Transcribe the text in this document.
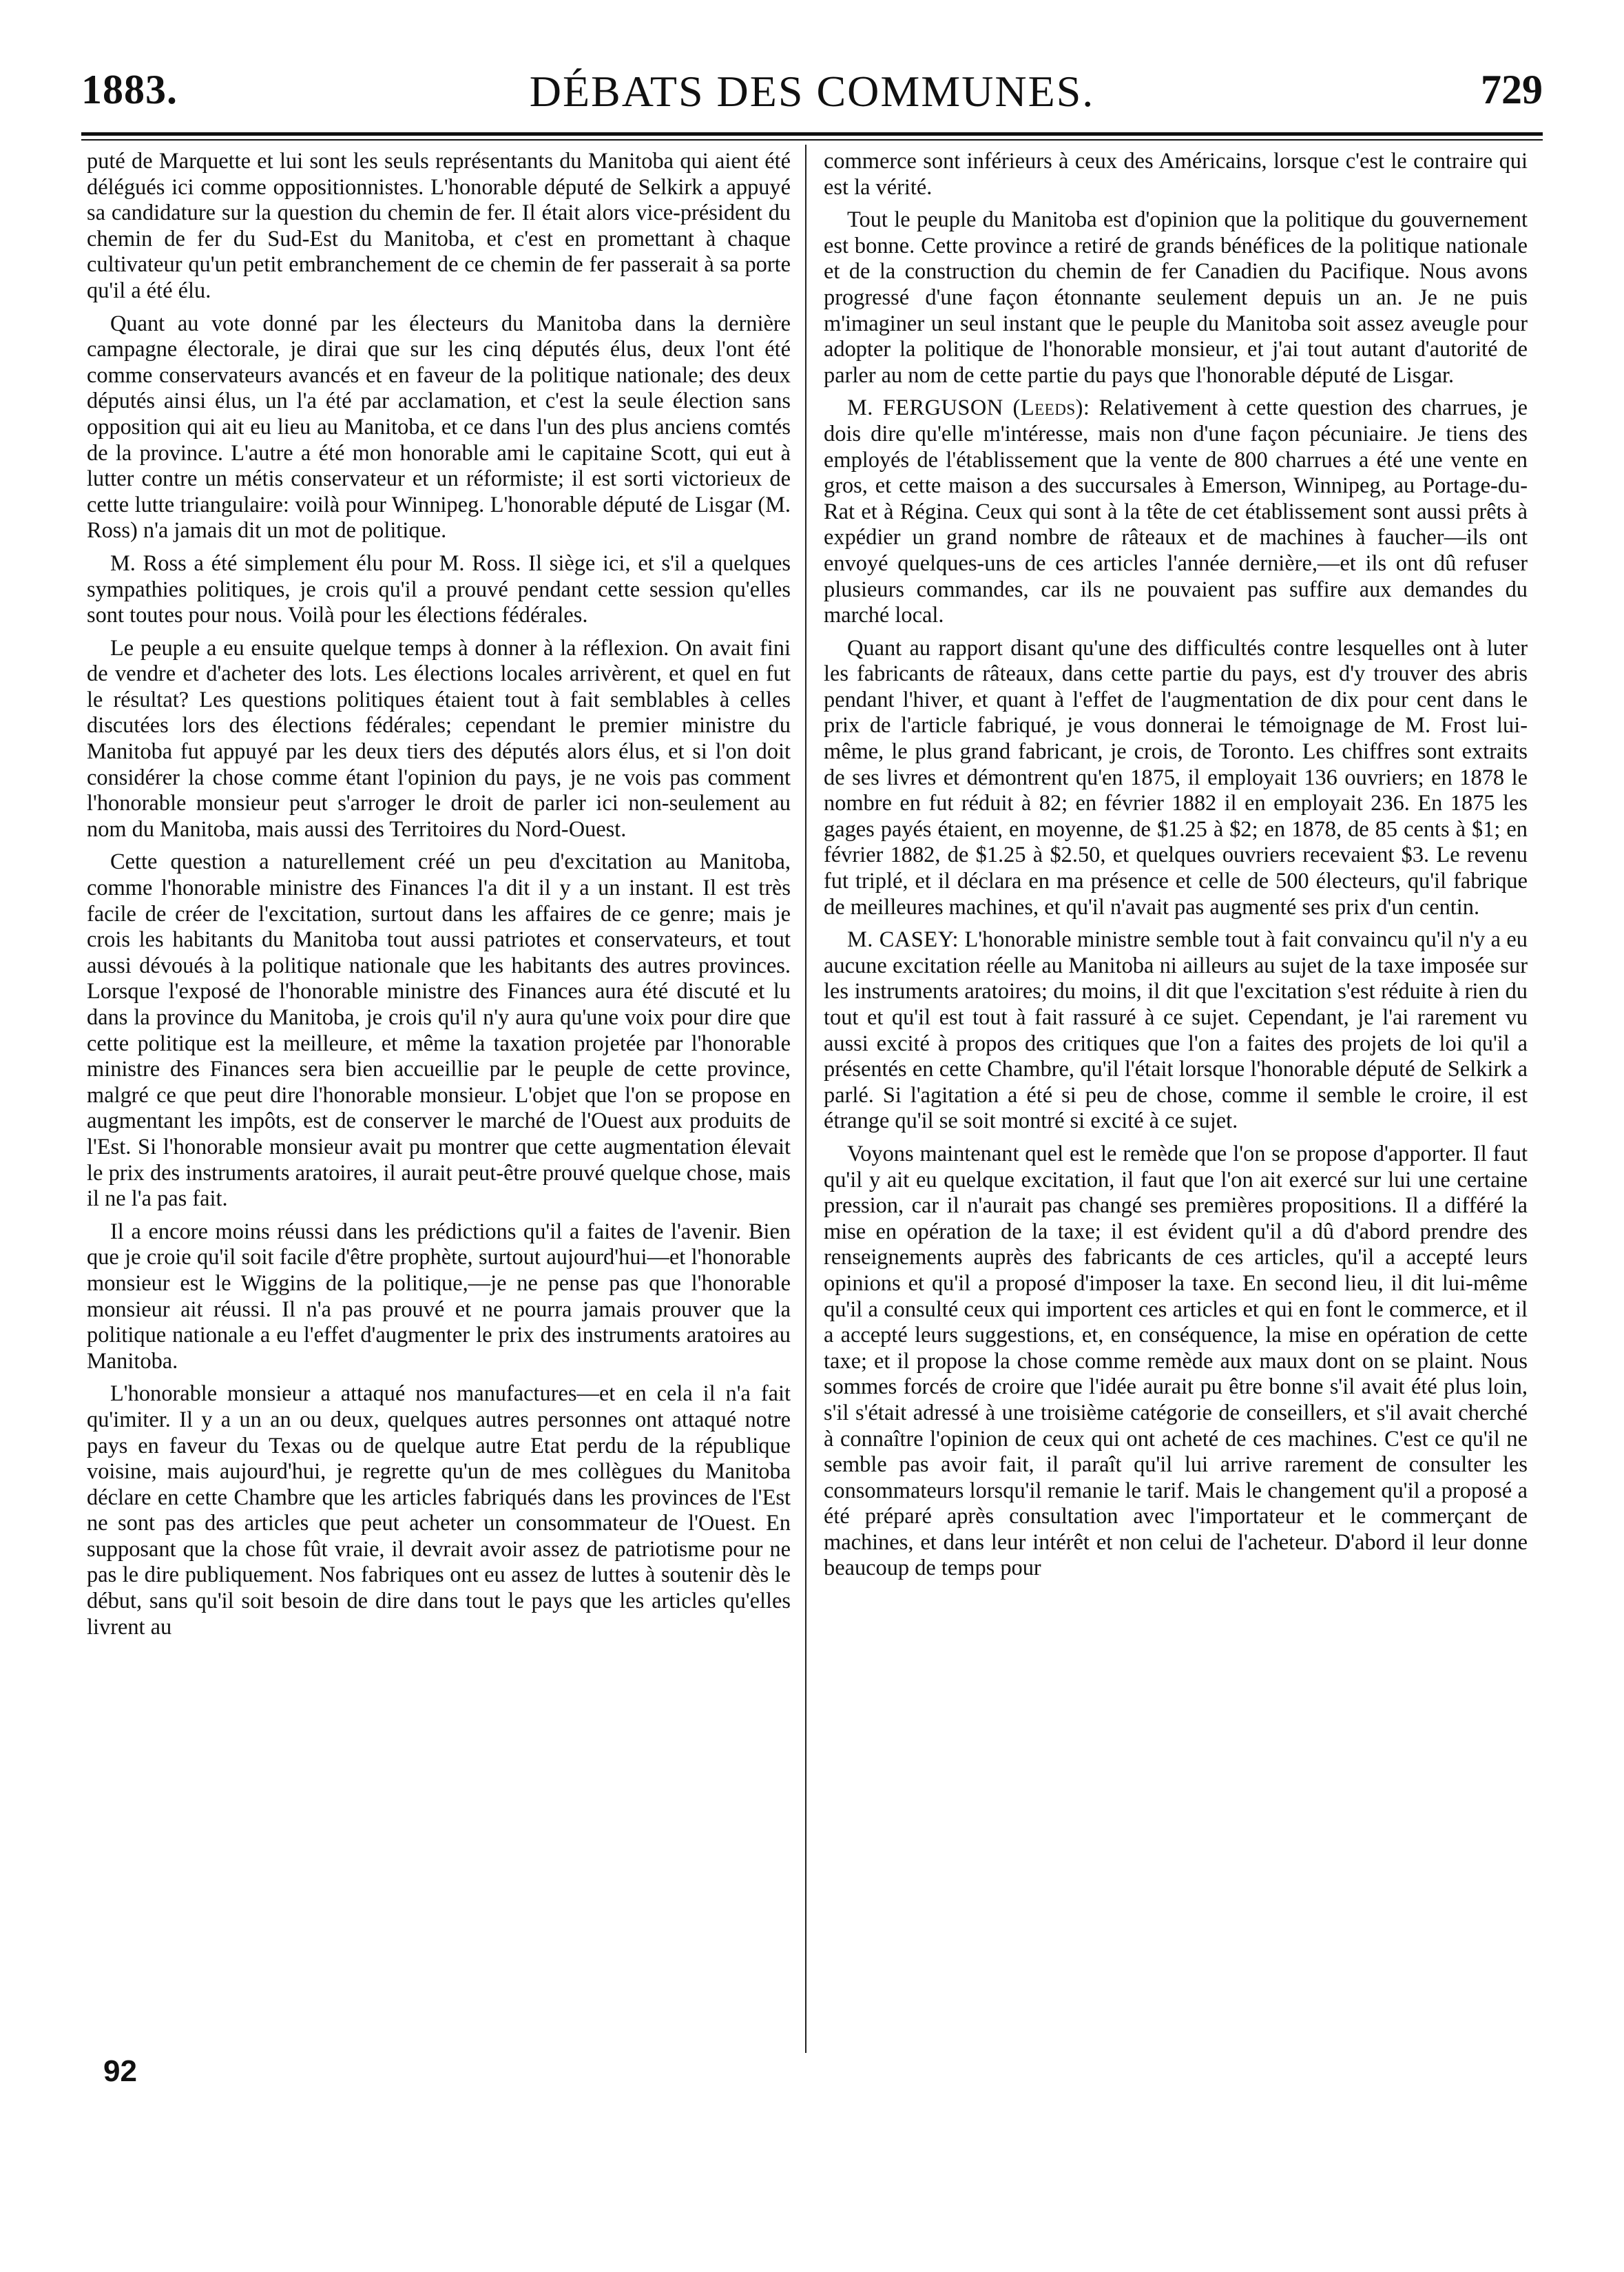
1883.	DÉBATS DES COMMUNES.	729

puté de Marquette et lui sont les seuls représentants du Manitoba qui aient été délégués ici comme oppositionnistes. L'honorable député de Selkirk a appuyé sa candidature sur la question du chemin de fer. Il était alors vice-président du chemin de fer du Sud-Est du Manitoba, et c'est en promettant à chaque cultivateur qu'un petit embranchement de ce chemin de fer passerait à sa porte qu'il a été élu.

Quant au vote donné par les électeurs du Manitoba dans la dernière campagne électorale, je dirai que sur les cinq députés élus, deux l'ont été comme conservateurs avancés et en faveur de la politique nationale; des deux députés ainsi élus, un l'a été par acclamation, et c'est la seule élection sans opposition qui ait eu lieu au Manitoba, et ce dans l'un des plus anciens comtés de la province. L'autre a été mon honorable ami le capitaine Scott, qui eut à lutter contre un métis conservateur et un réformiste; il est sorti victorieux de cette lutte triangulaire: voilà pour Winnipeg. L'honorable député de Lisgar (M. Ross) n'a jamais dit un mot de politique.

M. Ross a été simplement élu pour M. Ross. Il siège ici, et s'il a quelques sympathies politiques, je crois qu'il a prouvé pendant cette session qu'elles sont toutes pour nous. Voilà pour les élections fédérales.

Le peuple a eu ensuite quelque temps à donner à la réflexion. On avait fini de vendre et d'acheter des lots. Les élections locales arrivèrent, et quel en fut le résultat? Les questions politiques étaient tout à fait semblables à celles discutées lors des élections fédérales; cependant le premier ministre du Manitoba fut appuyé par les deux tiers des députés alors élus, et si l'on doit considérer la chose comme étant l'opinion du pays, je ne vois pas comment l'honorable monsieur peut s'arroger le droit de parler ici non-seulement au nom du Manitoba, mais aussi des Territoires du Nord-Ouest.

Cette question a naturellement créé un peu d'excitation au Manitoba, comme l'honorable ministre des Finances l'a dit il y a un instant. Il est très facile de créer de l'excitation, surtout dans les affaires de ce genre; mais je crois les habitants du Manitoba tout aussi patriotes et conservateurs, et tout aussi dévoués à la politique nationale que les habitants des autres provinces. Lorsque l'exposé de l'honorable ministre des Finances aura été discuté et lu dans la province du Manitoba, je crois qu'il n'y aura qu'une voix pour dire que cette politique est la meilleure, et même la taxation projetée par l'honorable ministre des Finances sera bien accueillie par le peuple de cette province, malgré ce que peut dire l'honorable monsieur. L'objet que l'on se propose en augmentant les impôts, est de conserver le marché de l'Ouest aux produits de l'Est. Si l'honorable monsieur avait pu montrer que cette augmentation élevait le prix des instruments aratoires, il aurait peut-être prouvé quelque chose, mais il ne l'a pas fait.

Il a encore moins réussi dans les prédictions qu'il a faites de l'avenir. Bien que je croie qu'il soit facile d'être prophète, surtout aujourd'hui—et l'honorable monsieur est le Wiggins de la politique,—je ne pense pas que l'honorable monsieur ait réussi. Il n'a pas prouvé et ne pourra jamais prouver que la politique nationale a eu l'effet d'augmenter le prix des instruments aratoires au Manitoba.

L'honorable monsieur a attaqué nos manufactures—et en cela il n'a fait qu'imiter. Il y a un an ou deux, quelques autres personnes ont attaqué notre pays en faveur du Texas ou de quelque autre Etat perdu de la république voisine, mais aujourd'hui, je regrette qu'un de mes collègues du Manitoba déclare en cette Chambre que les articles fabriqués dans les provinces de l'Est ne sont pas des articles que peut acheter un consommateur de l'Ouest. En supposant que la chose fût vraie, il devrait avoir assez de patriotisme pour ne pas le dire publiquement. Nos fabriques ont eu assez de luttes à soutenir dès le début, sans qu'il soit besoin de dire dans tout le pays que les articles qu'elles livrent au

commerce sont inférieurs à ceux des Américains, lorsque c'est le contraire qui est la vérité.

Tout le peuple du Manitoba est d'opinion que la politique du gouvernement est bonne. Cette province a retiré de grands bénéfices de la politique nationale et de la construction du chemin de fer Canadien du Pacifique. Nous avons progressé d'une façon étonnante seulement depuis un an. Je ne puis m'imaginer un seul instant que le peuple du Manitoba soit assez aveugle pour adopter la politique de l'honorable monsieur, et j'ai tout autant d'autorité de parler au nom de cette partie du pays que l'honorable député de Lisgar.

M. FERGUSON (Leeds): Relativement à cette question des charrues, je dois dire qu'elle m'intéresse, mais non d'une façon pécuniaire. Je tiens des employés de l'établissement que la vente de 800 charrues a été une vente en gros, et cette maison a des succursales à Emerson, Winnipeg, au Portage-du-Rat et à Régina. Ceux qui sont à la tête de cet établissement sont aussi prêts à expédier un grand nombre de râteaux et de machines à faucher—ils ont envoyé quelques-uns de ces articles l'année dernière,—et ils ont dû refuser plusieurs commandes, car ils ne pouvaient pas suffire aux demandes du marché local.

Quant au rapport disant qu'une des difficultés contre lesquelles ont à luter les fabricants de râteaux, dans cette partie du pays, est d'y trouver des abris pendant l'hiver, et quant à l'effet de l'augmentation de dix pour cent dans le prix de l'article fabriqué, je vous donnerai le témoignage de M. Frost lui-même, le plus grand fabricant, je crois, de Toronto. Les chiffres sont extraits de ses livres et démontrent qu'en 1875, il employait 136 ouvriers; en 1878 le nombre en fut réduit à 82; en février 1882 il en employait 236. En 1875 les gages payés étaient, en moyenne, de $1.25 à $2; en 1878, de 85 cents à $1; en février 1882, de $1.25 à $2.50, et quelques ouvriers recevaient $3. Le revenu fut triplé, et il déclara en ma présence et celle de 500 électeurs, qu'il fabrique de meilleures machines, et qu'il n'avait pas augmenté ses prix d'un centin.

M. CASEY: L'honorable ministre semble tout à fait convaincu qu'il n'y a eu aucune excitation réelle au Manitoba ni ailleurs au sujet de la taxe imposée sur les instruments aratoires; du moins, il dit que l'excitation s'est réduite à rien du tout et qu'il est tout à fait rassuré à ce sujet. Cependant, je l'ai rarement vu aussi excité à propos des critiques que l'on a faites des projets de loi qu'il a présentés en cette Chambre, qu'il l'était lorsque l'honorable député de Selkirk a parlé. Si l'agitation a été si peu de chose, comme il semble le croire, il est étrange qu'il se soit montré si excité à ce sujet.

Voyons maintenant quel est le remède que l'on se propose d'apporter. Il faut qu'il y ait eu quelque excitation, il faut que l'on ait exercé sur lui une certaine pression, car il n'aurait pas changé ses premières propositions. Il a différé la mise en opération de la taxe; il est évident qu'il a dû d'abord prendre des renseignements auprès des fabricants de ces articles, qu'il a accepté leurs opinions et qu'il a proposé d'imposer la taxe. En second lieu, il dit lui-même qu'il a consulté ceux qui importent ces articles et qui en font le commerce, et il a accepté leurs suggestions, et, en conséquence, la mise en opération de cette taxe; et il propose la chose comme remède aux maux dont on se plaint. Nous sommes forcés de croire que l'idée aurait pu être bonne s'il avait été plus loin, s'il s'était adressé à une troisième catégorie de conseillers, et s'il avait cherché à connaître l'opinion de ceux qui ont acheté de ces machines. C'est ce qu'il ne semble pas avoir fait, il paraît qu'il lui arrive rarement de consulter les consommateurs lorsqu'il remanie le tarif. Mais le changement qu'il a proposé a été préparé après consultation avec l'importateur et le commerçant de machines, et dans leur intérêt et non celui de l'acheteur. D'abord il leur donne beaucoup de temps pour

92
